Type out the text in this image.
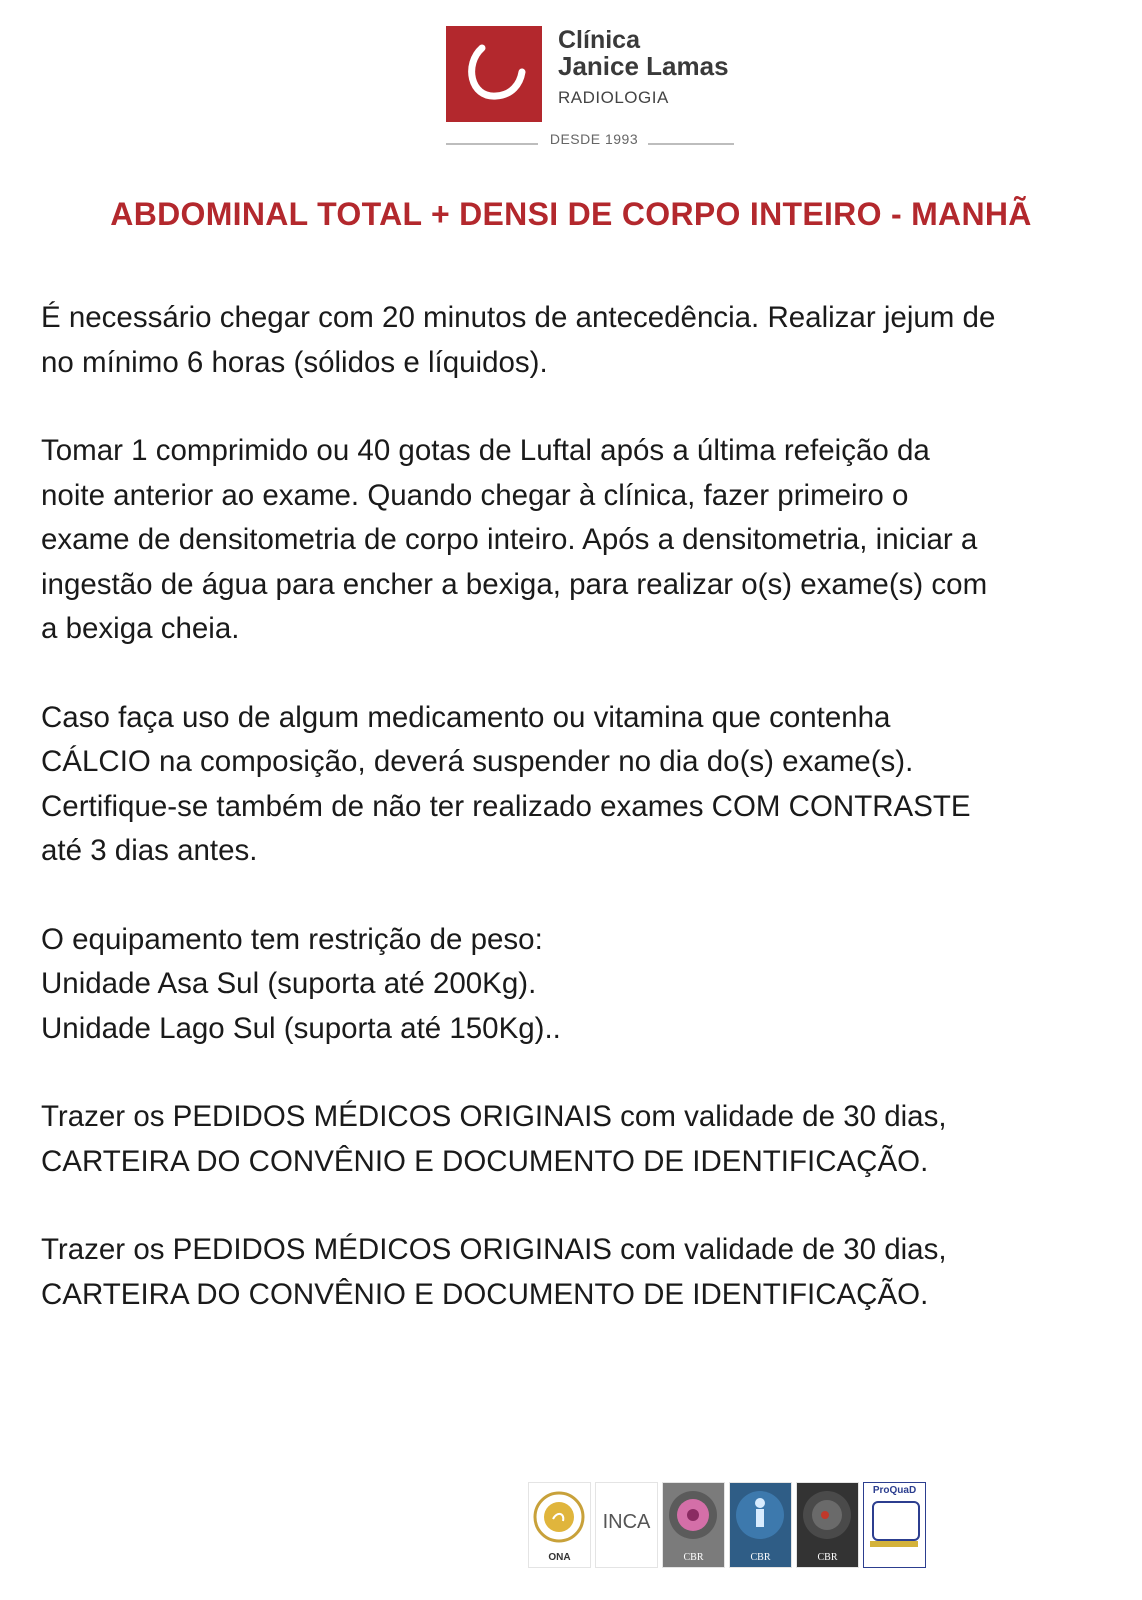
Clínica
Janice Lamas
RADIOLOGIA
DESDE 1993
ABDOMINAL TOTAL + DENSI DE CORPO INTEIRO - MANHÃ

É necessário chegar com 20 minutos de antecedência. Realizar jejum de
no mínimo 6 horas (sólidos e líquidos).

Tomar 1 comprimido ou 40 gotas de Luftal após a última refeição da
noite anterior ao exame. Quando chegar à clínica, fazer primeiro o
exame de densitometria de corpo inteiro. Após a densitometria, iniciar a
ingestão de água para encher a bexiga, para realizar o(s) exame(s) com
a bexiga cheia.

Caso faça uso de algum medicamento ou vitamina que contenha
CÁLCIO na composição, deverá suspender no dia do(s) exame(s).
Certifique-se também de não ter realizado exames COM CONTRASTE
até 3 dias antes.

O equipamento tem restrição de peso:
Unidade Asa Sul (suporta até 200Kg).
Unidade Lago Sul (suporta até 150Kg)..

Trazer os PEDIDOS MÉDICOS ORIGINAIS com validade de 30 dias,
CARTEIRA DO CONVÊNIO E DOCUMENTO DE IDENTIFICAÇÃO.

Trazer os PEDIDOS MÉDICOS ORIGINAIS com validade de 30 dias,
CARTEIRA DO CONVÊNIO E DOCUMENTO DE IDENTIFICAÇÃO.

ONA
INCA
CBR	CBR	CBR
ProQuaD
